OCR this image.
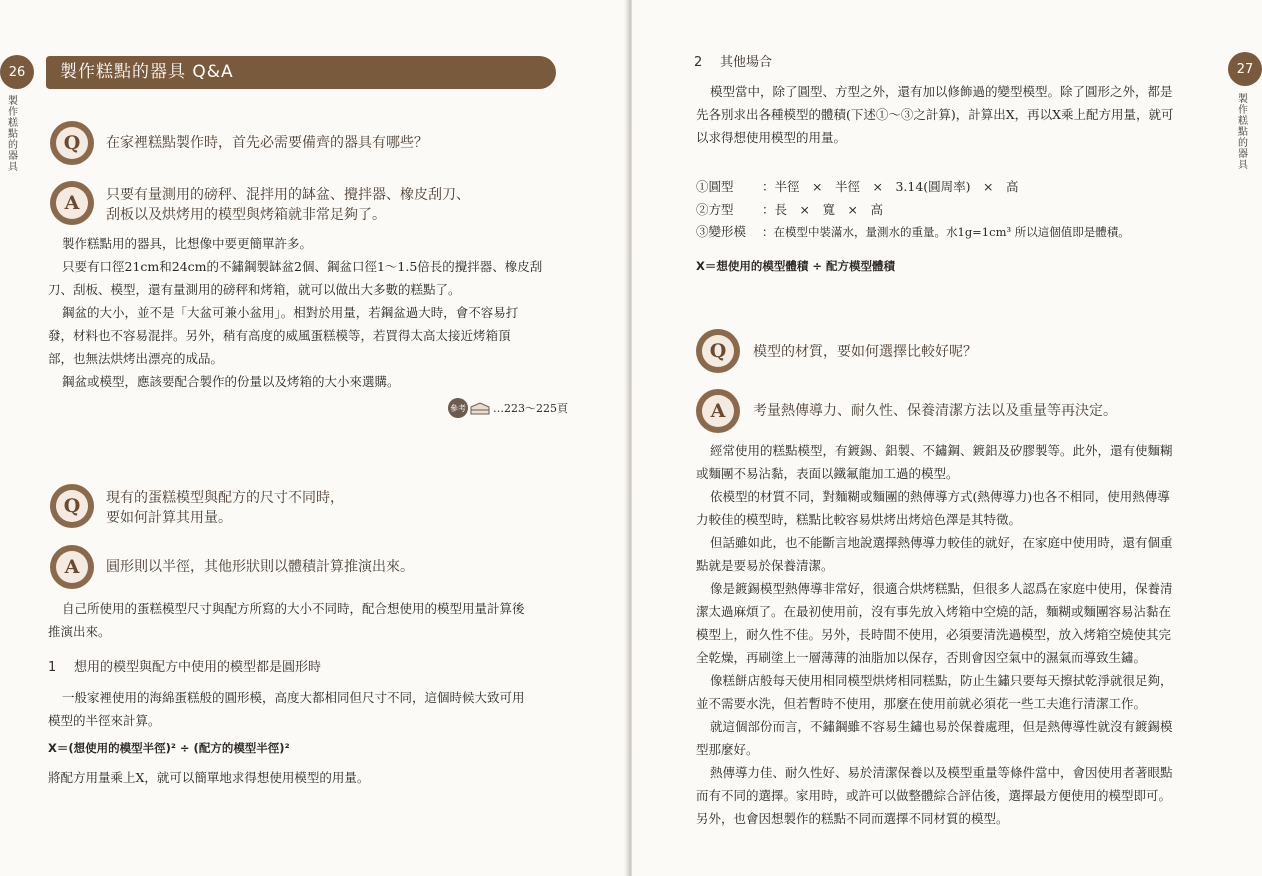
26
製作糕點的器具
製作糕點的器具 Q&A
Q	在家裡糕點製作時，首先必需要備齊的器具有哪些？
A	只要有量測用的磅秤、混拌用的缽盆、攪拌器、橡皮刮刀、
刮板以及烘烤用的模型與烤箱就非常足夠了。

製作糕點用的器具，比想像中要更簡單許多。

只要有口徑21cm和24cm的不鏽鋼製缽盆2個、鋼盆口徑1～1.5倍長的攪拌器、橡皮刮

刀、刮板、模型，還有量測用的磅秤和烤箱，就可以做出大多數的糕點了。

鋼盆的大小，並不是「大盆可兼小盆用」。相對於用量，若鋼盆過大時，會不容易打

發，材料也不容易混拌。另外，稍有高度的威風蛋糕模等，若買得太高太接近烤箱頂

部，也無法烘烤出漂亮的成品。

鋼盆或模型，應該要配合製作的份量以及烤箱的大小來選購。

參考 …223～225頁
Q	現有的蛋糕模型與配方的尺寸不同時，
要如何計算其用量。
A	圓形則以半徑，其他形狀則以體積計算推演出來。

自己所使用的蛋糕模型尺寸與配方所寫的大小不同時，配合想使用的模型用量計算後

推演出來。

1 想用的模型與配方中使用的模型都是圓形時

一般家裡使用的海綿蛋糕般的圓形模，高度大都相同但尺寸不同，這個時候大致可用

模型的半徑來計算。

X＝(想使用的模型半徑)² ÷ (配方的模型半徑)²
將配方用量乘上X，就可以簡單地求得想使用模型的用量。
27
製作糕點的器具
2 其他場合

模型當中，除了圓型、方型之外，還有加以修飾過的變型模型。除了圓形之外，都是

先各別求出各種模型的體積(下述①～③之計算)，計算出X，再以X乘上配方用量，就可

以求得想使用模型的用量。

①圓型 ：半徑　×　半徑　×　3.14(圓周率)　×　高
②方型 ：長　×　寬　×　高
③變形模 ：在模型中裝滿水，量測水的重量。水1g=1cm³ 所以這個值即是體積。
X＝想使用的模型體積 ÷ 配方模型體積
Q	模型的材質，要如何選擇比較好呢？
A	考量熱傳導力、耐久性、保養清潔方法以及重量等再決定。

經常使用的糕點模型，有鍍錫、鋁製、不鏽鋼、鍍鋁及矽膠製等。此外，還有使麵糊

或麵團不易沾黏，表面以鐵氟龍加工過的模型。

依模型的材質不同，對麵糊或麵團的熱傳導方式(熱傳導力)也各不相同，使用熱傳導

力較佳的模型時，糕點比較容易烘烤出烤焙色澤是其特徵。

但話雖如此，也不能斷言地說選擇熱傳導力較佳的就好，在家庭中使用時，還有個重

點就是要易於保養清潔。

像是鍍錫模型熱傳導非常好，很適合烘烤糕點，但很多人認爲在家庭中使用，保養清

潔太過麻煩了。在最初使用前，沒有事先放入烤箱中空燒的話，麵糊或麵團容易沾黏在

模型上，耐久性不佳。另外，長時間不使用，必須要清洗過模型，放入烤箱空燒使其完

全乾燥，再刷塗上一層薄薄的油脂加以保存，否則會因空氣中的濕氣而導致生鏽。

像糕餅店般每天使用相同模型烘烤相同糕點，防止生鏽只要每天擦拭乾淨就很足夠，

並不需要水洗，但若暫時不使用，那麼在使用前就必須花一些工夫進行清潔工作。

就這個部份而言，不鏽鋼雖不容易生鏽也易於保養處理，但是熱傳導性就沒有鍍錫模

型那麼好。

熱傳導力佳、耐久性好、易於清潔保養以及模型重量等條件當中，會因使用者著眼點

而有不同的選擇。家用時，或許可以做整體綜合評估後，選擇最方便使用的模型即可。

另外，也會因想製作的糕點不同而選擇不同材質的模型。
